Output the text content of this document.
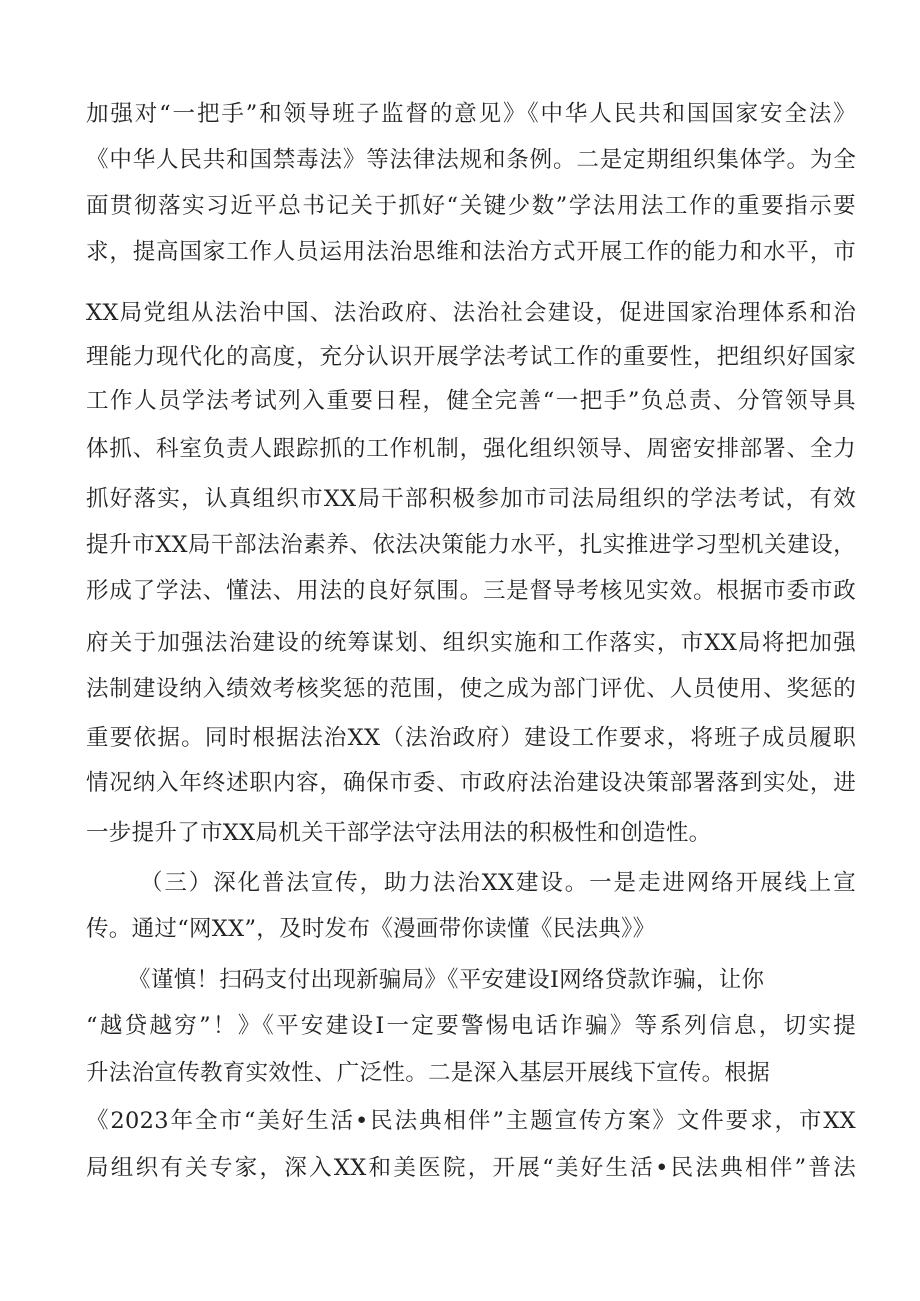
加强对“一把手”和领导班子监督的意见》《中华人民共和国国家安全法》
《中华人民共和国禁毒法》等法律法规和条例。二是定期组织集体学。为全
面贯彻落实习近平总书记关于抓好“关键少数”学法用法工作的重要指示要
求，提高国家工作人员运用法治思维和法治方式开展工作的能力和水平，市
XX局党组从法治中国、法治政府、法治社会建设，促进国家治理体系和治
理能力现代化的高度，充分认识开展学法考试工作的重要性，把组织好国家
工作人员学法考试列入重要日程，健全完善“一把手”负总责、分管领导具
体抓、科室负责人跟踪抓的工作机制，强化组织领导、周密安排部署、全力
抓好落实，认真组织市XX局干部积极参加市司法局组织的学法考试，有效
提升市XX局干部法治素养、依法决策能力水平，扎实推进学习型机关建设，
形成了学法、懂法、用法的良好氛围。三是督导考核见实效。根据市委市政
府关于加强法治建设的统筹谋划、组织实施和工作落实，市XX局将把加强
法制建设纳入绩效考核奖惩的范围，使之成为部门评优、人员使用、奖惩的
重要依据。同时根据法治XX（法治政府）建设工作要求，将班子成员履职
情况纳入年终述职内容，确保市委、市政府法治建设决策部署落到实处，进
一步提升了市XX局机关干部学法守法用法的积极性和创造性。
（三）深化普法宣传，助力法治XX建设。一是走进网络开展线上宣
传。通过“网XX”，及时发布《漫画带你读懂《民法典》》
《谨慎！扫码支付出现新骗局》《平安建设Ⅰ网络贷款诈骗，让你
“越贷越穷”！》《平安建设Ⅰ一定要警惕电话诈骗》等系列信息，切实提
升法治宣传教育实效性、广泛性。二是深入基层开展线下宣传。根据
《2023年全市“美好生活•民法典相伴”主题宣传方案》文件要求，市XX
局组织有关专家，深入XX和美医院，开展“美好生活•民法典相伴”普法
